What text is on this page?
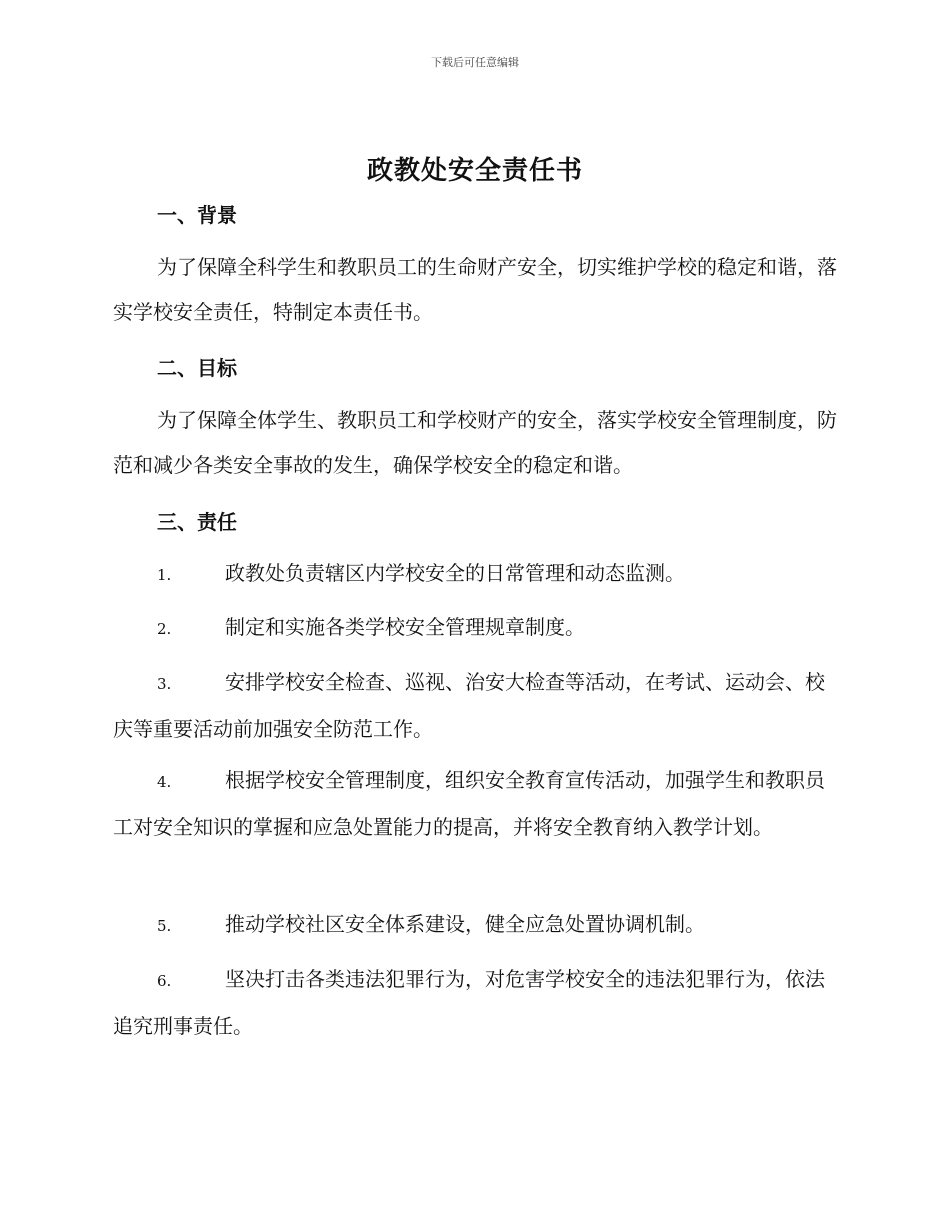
下载后可任意编辑
政教处安全责任书
一、背景
为了保障全科学生和教职员工的生命财产安全，切实维护学校的稳定和谐，落实学校安全责任，特制定本责任书。
二、目标
为了保障全体学生、教职员工和学校财产的安全，落实学校安全管理制度，防范和减少各类安全事故的发生，确保学校安全的稳定和谐。
三、责任
1.	政教处负责辖区内学校安全的日常管理和动态监测。
2.	制定和实施各类学校安全管理规章制度。
3.	安排学校安全检查、巡视、治安大检查等活动，在考试、运动会、校庆等重要活动前加强安全防范工作。
4.	根据学校安全管理制度，组织安全教育宣传活动，加强学生和教职员工对安全知识的掌握和应急处置能力的提高，并将安全教育纳入教学计划。
5.	推动学校社区安全体系建设，健全应急处置协调机制。
6.	坚决打击各类违法犯罪行为，对危害学校安全的违法犯罪行为，依法追究刑事责任。
